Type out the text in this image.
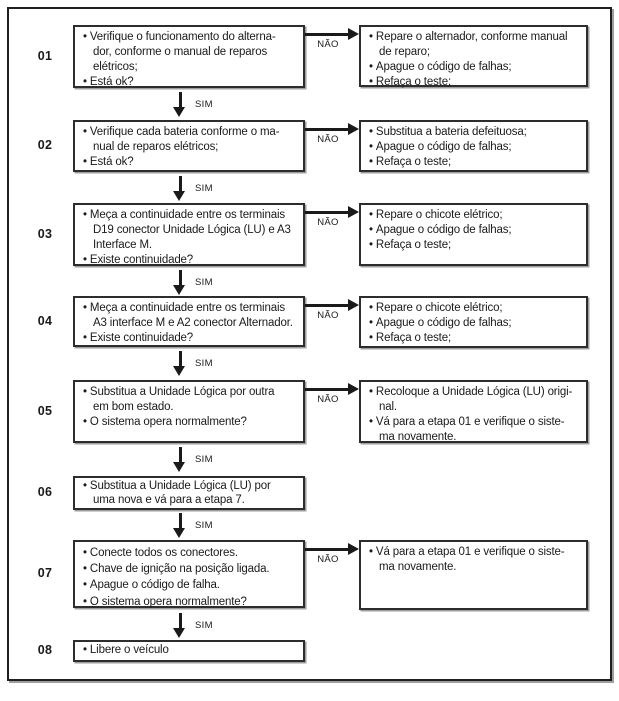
01
• Verifique o funcionamento do alterna-
dor, conforme o manual de reparos
elétricos;
• Está ok?
NÃO
• Repare o alternador, conforme manual
de reparo;
• Apague o código de falhas;
• Refaça o teste;
SIM
02
• Verifique cada bateria conforme o ma-
nual de reparos elétricos;
• Está ok?
NÃO
• Substitua a bateria defeituosa;
• Apague o código de falhas;
• Refaça o teste;
SIM
03
• Meça a continuidade entre os terminais
D19 conector Unidade Lógica (LU) e A3
Interface M.
• Existe continuidade?
NÃO
• Repare o chicote elétrico;
• Apague o código de falhas;
• Refaça o teste;
SIM
04
• Meça a continuidade entre os terminais
A3 interface M e A2 conector Alternador.
• Existe continuidade?
NÃO
• Repare o chicote elétrico;
• Apague o código de falhas;
• Refaça o teste;
SIM
05
• Substitua a Unidade Lógica por outra
em bom estado.
• O sistema opera normalmente?
NÃO
• Recoloque a Unidade Lógica (LU) origi-
nal.
• Vá para a etapa 01 e verifique o siste-
ma novamente.
SIM
06	• Substitua a Unidade Lógica (LU) por
uma nova e vá para a etapa 7.
SIM
07
• Conecte todos os conectores.
• Chave de ignição na posição ligada.
• Apague o código de falha.
• O sistema opera normalmente?
NÃO
• Vá para a etapa 01 e verifique o siste-
ma novamente.
SIM
08	• Libere o veículo
